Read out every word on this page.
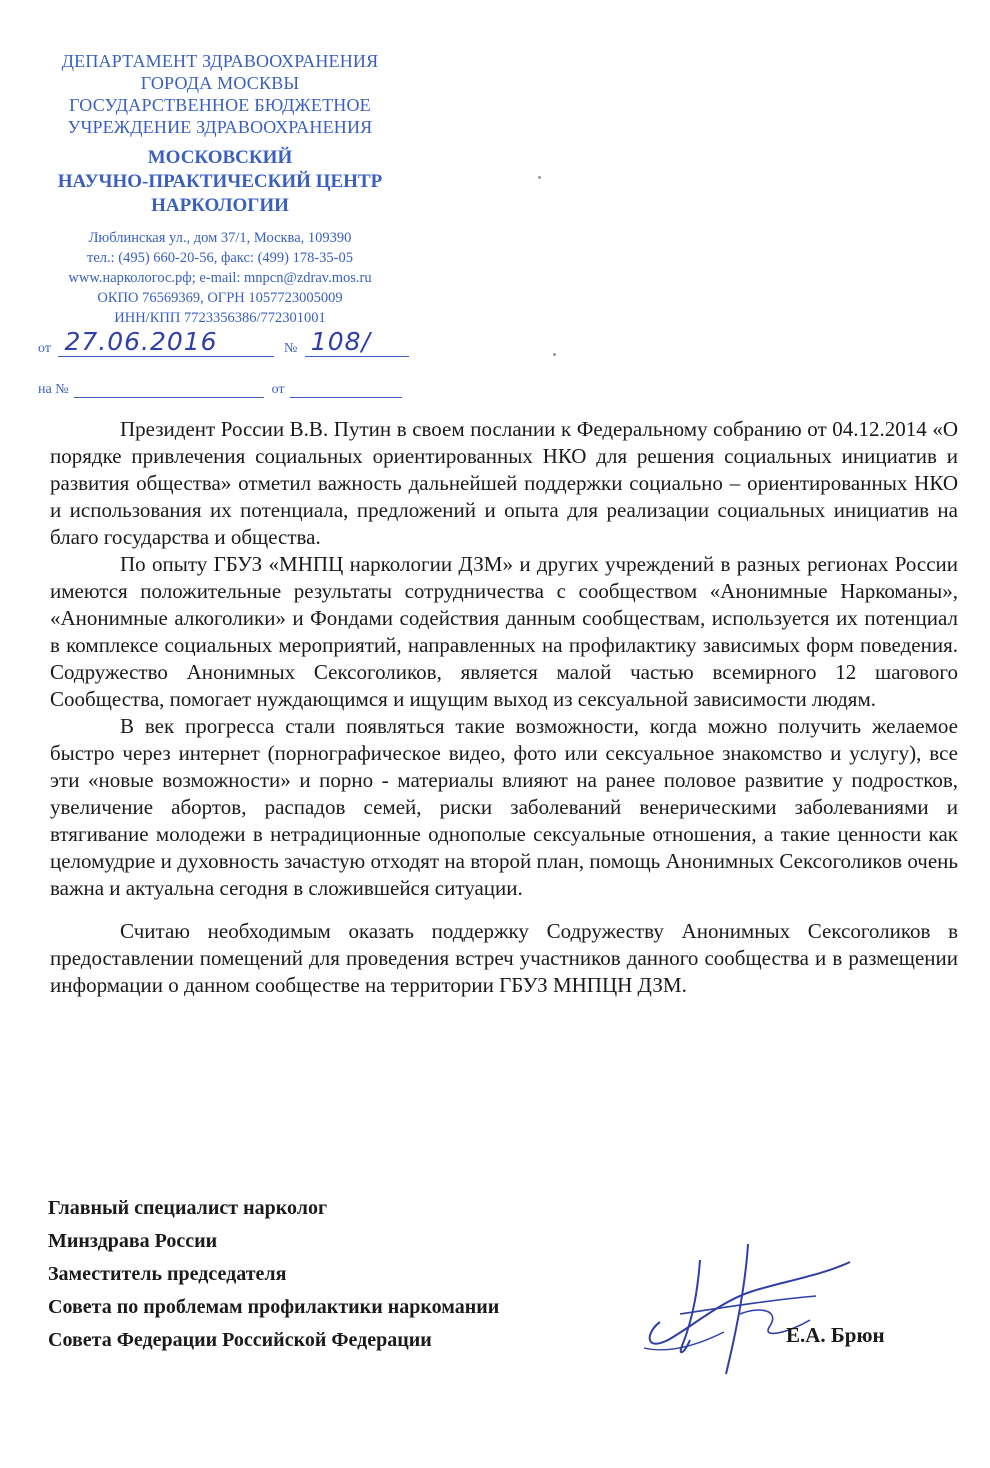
ДЕПАРТАМЕНТ ЗДРАВООХРАНЕНИЯ
ГОРОДА МОСКВЫ
ГОСУДАРСТВЕННОЕ БЮДЖЕТНОЕ
УЧРЕЖДЕНИЕ ЗДРАВООХРАНЕНИЯ
МОСКОВСКИЙ
НАУЧНО-ПРАКТИЧЕСКИЙ ЦЕНТР
НАРКОЛОГИИ
Люблинская ул., дом 37/1, Москва, 109390
тел.: (495) 660-20-56, факс: (499) 178-35-05
www.наркологос.рф; e-mail: mnpcn@zdrav.mos.ru
ОКПО 76569369, ОГРН 1057723005009
ИНН/КПП 7723356386/772301001
от 27.06.2016	№ 108/
на №	от

Президент России В.В. Путин в своем послании к Федеральному собранию от 04.12.2014 «О порядке привлечения социальных ориентированных НКО для решения социальных инициатив и развития общества» отметил важность дальнейшей поддержки социально – ориентированных НКО и использования их потенциала, предложений и опыта для реализации социальных инициатив на благо государства и общества.

По опыту ГБУЗ «МНПЦ наркологии ДЗМ» и других учреждений в разных регионах России имеются положительные результаты сотрудничества с сообществом «Анонимные Наркоманы», «Анонимные алкоголики» и Фондами содействия данным сообществам, используется их потенциал в комплексе социальных мероприятий, направленных на профилактику зависимых форм поведения. Содружество Анонимных Сексоголиков, является малой частью всемирного 12 шагового Сообщества, помогает нуждающимся и ищущим выход из сексуальной зависимости людям.

В век прогресса стали появляться такие возможности, когда можно получить желаемое быстро через интернет (порнографическое видео, фото или сексуальное знакомство и услугу), все эти «новые возможности» и порно - материалы влияют на ранее половое развитие у подростков, увеличение абортов, распадов семей, риски заболеваний венерическими заболеваниями и втягивание молодежи в нетрадиционные однополые сексуальные отношения, а такие ценности как целомудрие и духовность зачастую отходят на второй план, помощь Анонимных Сексоголиков очень важна и актуальна сегодня в сложившейся ситуации.

Считаю необходимым оказать поддержку Содружеству Анонимных Сексоголиков в предоставлении помещений для проведения встреч участников данного сообщества и в размещении информации о данном сообществе на территории ГБУЗ МНПЦН ДЗМ.

Главный специалист нарколог
Минздрава России
Заместитель председателя
Совета по проблемам профилактики наркомании
Совета Федерации Российской Федерации	Е.А. Брюн
